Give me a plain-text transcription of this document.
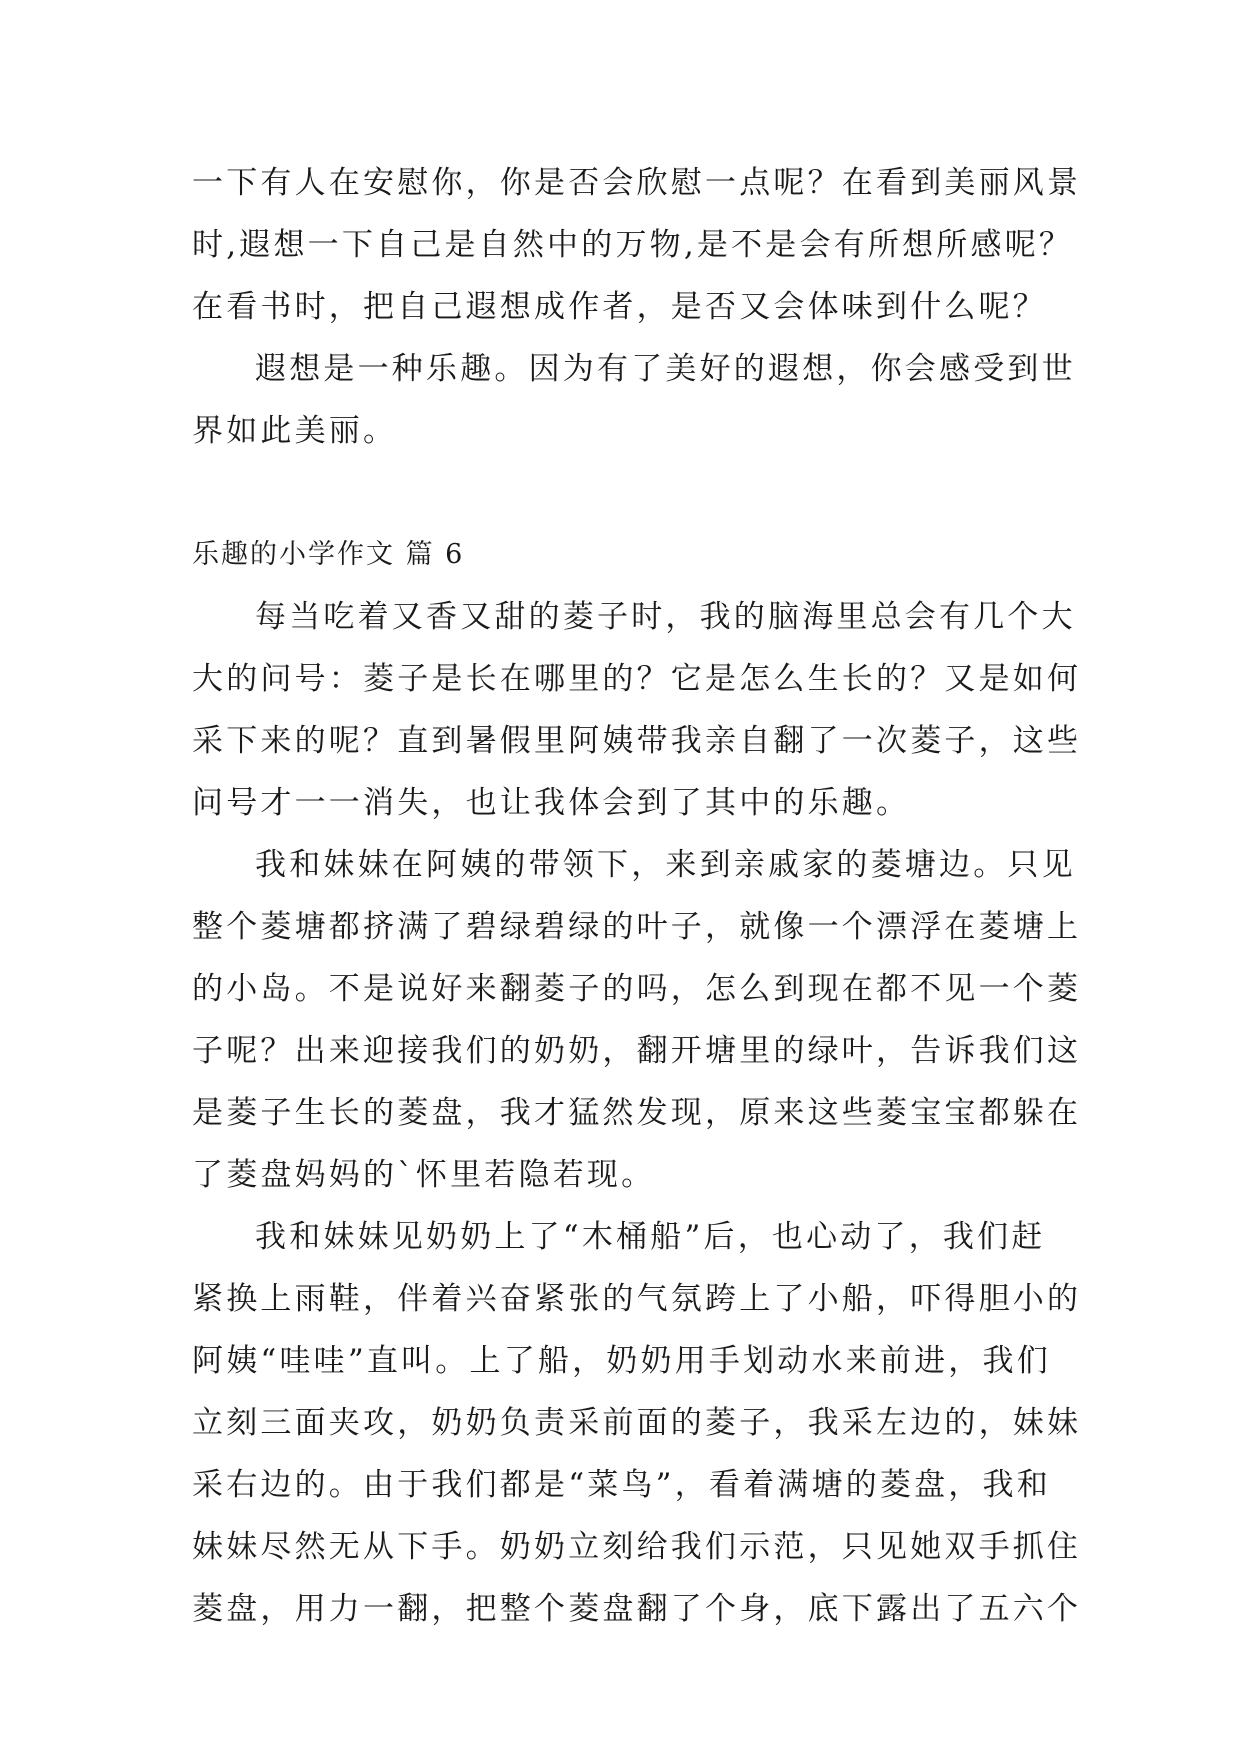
一下有人在安慰你，你是否会欣慰一点呢？在看到美丽风景
时,遐想一下自己是自然中的万物,是不是会有所想所感呢？
在看书时，把自己遐想成作者，是否又会体味到什么呢？
遐想是一种乐趣。因为有了美好的遐想，你会感受到世
界如此美丽。
乐趣的小学作文 篇 6
每当吃着又香又甜的菱子时，我的脑海里总会有几个大
大的问号：菱子是长在哪里的？它是怎么生长的？又是如何
采下来的呢？直到暑假里阿姨带我亲自翻了一次菱子，这些
问号才一一消失，也让我体会到了其中的乐趣。
我和妹妹在阿姨的带领下，来到亲戚家的菱塘边。只见
整个菱塘都挤满了碧绿碧绿的叶子，就像一个漂浮在菱塘上
的小岛。不是说好来翻菱子的吗，怎么到现在都不见一个菱
子呢？出来迎接我们的奶奶，翻开塘里的绿叶，告诉我们这
是菱子生长的菱盘，我才猛然发现，原来这些菱宝宝都躲在
了菱盘妈妈的`怀里若隐若现。
我和妹妹见奶奶上了“木桶船”后，也心动了，我们赶
紧换上雨鞋，伴着兴奋紧张的气氛跨上了小船，吓得胆小的
阿姨“哇哇”直叫。上了船，奶奶用手划动水来前进，我们
立刻三面夹攻，奶奶负责采前面的菱子，我采左边的，妹妹
采右边的。由于我们都是“菜鸟”，看着满塘的菱盘，我和
妹妹尽然无从下手。奶奶立刻给我们示范，只见她双手抓住
菱盘，用力一翻，把整个菱盘翻了个身，底下露出了五六个
